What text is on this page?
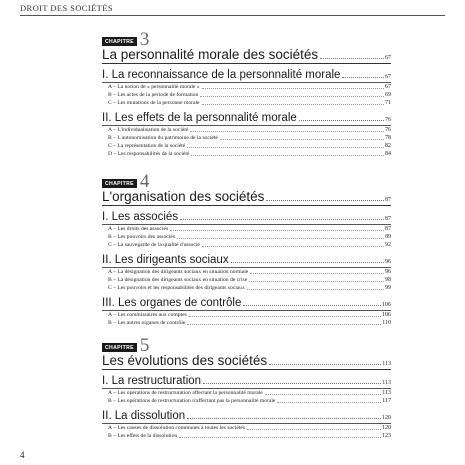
DROIT DES SOCIÉTÉS
CHAPITRE 3
La personnalité morale des sociétés	67
I. La reconnaissance de la personnalité morale	67
A – La notion de « personnalité morale »	67
B – Les actes de la période de formation	69
C – Les mutations de la personne morale	71
II. Les effets de la personnalité morale	76
A – L'individualisation de la société	76
B – L'autonomisation du patrimoine de la société	78
C – La représentation de la société	82
D – Les responsabilités de la société	84
CHAPITRE 4
L'organisation des sociétés	87
I. Les associés	87
A – Les droits des associés	87
B – Les pouvoirs des associés	89
C – La sauvegarde de la qualité d'associé	92
II. Les dirigeants sociaux	96
A – La désignation des dirigeants sociaux en situation normale	96
B – La désignation des dirigeants sociaux en situation de crise	98
C – Les pouvoirs et les responsabilités des dirigeants sociaux	99
III. Les organes de contrôle	106
A – Les commissaires aux comptes	106
B – Les autres organes de contrôle	110
CHAPITRE 5
Les évolutions des sociétés	113
I. La restructuration	113
A – Les opérations de restructuration affectant la personnalité morale	113
B – Les opérations de restructuration n'affectant pas la personnalité morale	117
II. La dissolution	120
A – Les causes de dissolution communes à toutes les sociétés	120
B – Les effets de la dissolution	123
4
